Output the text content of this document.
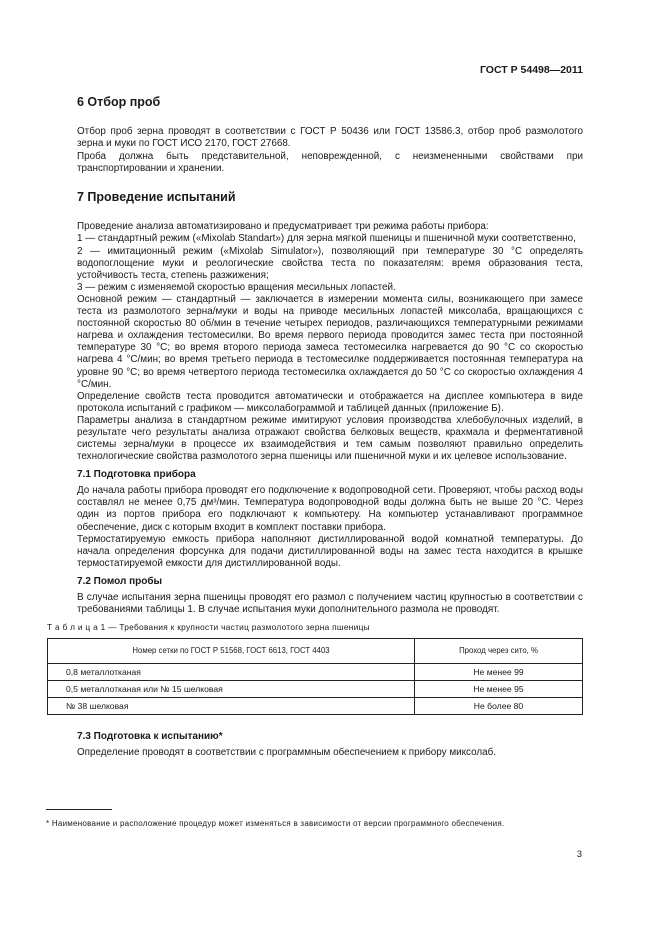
ГОСТ Р 54498—2011
6 Отбор проб

Отбор проб зерна проводят в соответствии с ГОСТ Р 50436 или ГОСТ 13586.3, отбор проб размолотого зерна и муки по ГОСТ ИСО 2170, ГОСТ 27668.

Проба должна быть представительной, неповрежденной, с неизмененными свойствами при транспортировании и хранении.

7 Проведение испытаний

Проведение анализа автоматизировано и предусматривает три режима работы прибора:

1 — стандартный режим («Mixolab Standart») для зерна мягкой пшеницы и пшеничной муки соответственно,

2 — имитационный режим («Mixolab Simulator»), позволяющий при температуре 30 °С определять водопоглощение муки и реологические свойства теста по показателям: время образования теста, устойчивость теста, степень разжижения;

3 — режим с изменяемой скоростью вращения месильных лопастей.

Основной режим — стандартный — заключается в измерении момента силы, возникающего при замесе теста из размолотого зерна/муки и воды на приводе месильных лопастей миксолаба, вращающихся с постоянной скоростью 80 об/мин в течение четырех периодов, различающихся температурными режимами нагрева и охлаждения тестомесилки. Во время первого периода проводится замес теста при постоянной температуре 30 °С; во время второго периода замеса тестомесилка нагревается до 90 °С со скоростью нагрева 4 °С/мин; во время третьего периода в тестомесилке поддерживается постоянная температура на уровне 90 °С; во время четвертого периода тестомесилка охлаждается до 50 °С со скоростью охлаждения 4 °С/мин.

Определение свойств теста проводится автоматически и отображается на дисплее компьютера в виде протокола испытаний с графиком — миксолабограммой и таблицей данных (приложение Б).

Параметры анализа в стандартном режиме имитируют условия производства хлебобулочных изделий, в результате чего результаты анализа отражают свойства белковых веществ, крахмала и ферментативной системы зерна/муки в процессе их взаимодействия и тем самым позволяют правильно определить технологические свойства размолотого зерна пшеницы или пшеничной муки и их целевое использование.

7.1 Подготовка прибора

До начала работы прибора проводят его подключение к водопроводной сети. Проверяют, чтобы расход воды составлял не менее 0,75 дм³/мин. Температура водопроводной воды должна быть не выше 20 °С. Через один из портов прибора его подключают к компьютеру. На компьютер устанавливают программное обеспечение, диск с которым входит в комплект поставки прибора.

Термостатируемую емкость прибора наполняют дистиллированной водой комнатной температуры. До начала определения форсунка для подачи дистиллированной воды на замес теста находится в крышке термостатируемой емкости для дистиллированной воды.

7.2 Помол пробы

В случае испытания зерна пшеницы проводят его размол с получением частиц крупностью в соответствии с требованиями таблицы 1. В случае испытания муки дополнительного размола не проводят.

Т а б л и ц а 1 — Требования к крупности частиц размолотого зерна пшеницы
Номер сетки по ГОСТ Р 51568, ГОСТ 6613, ГОСТ 4403	Проход через сито, %
0,8 металлотканая	Не менее 99
0,5 металлотканая или № 15 шелковая	Не менее 95
№ 38 шелковая	Не более 80
7.3 Подготовка к испытанию*

Определение проводят в соответствии с программным обеспечением к прибору миксолаб.

* Наименование и расположение процедур может изменяться в зависимости от версии программного обеспечения.
3
